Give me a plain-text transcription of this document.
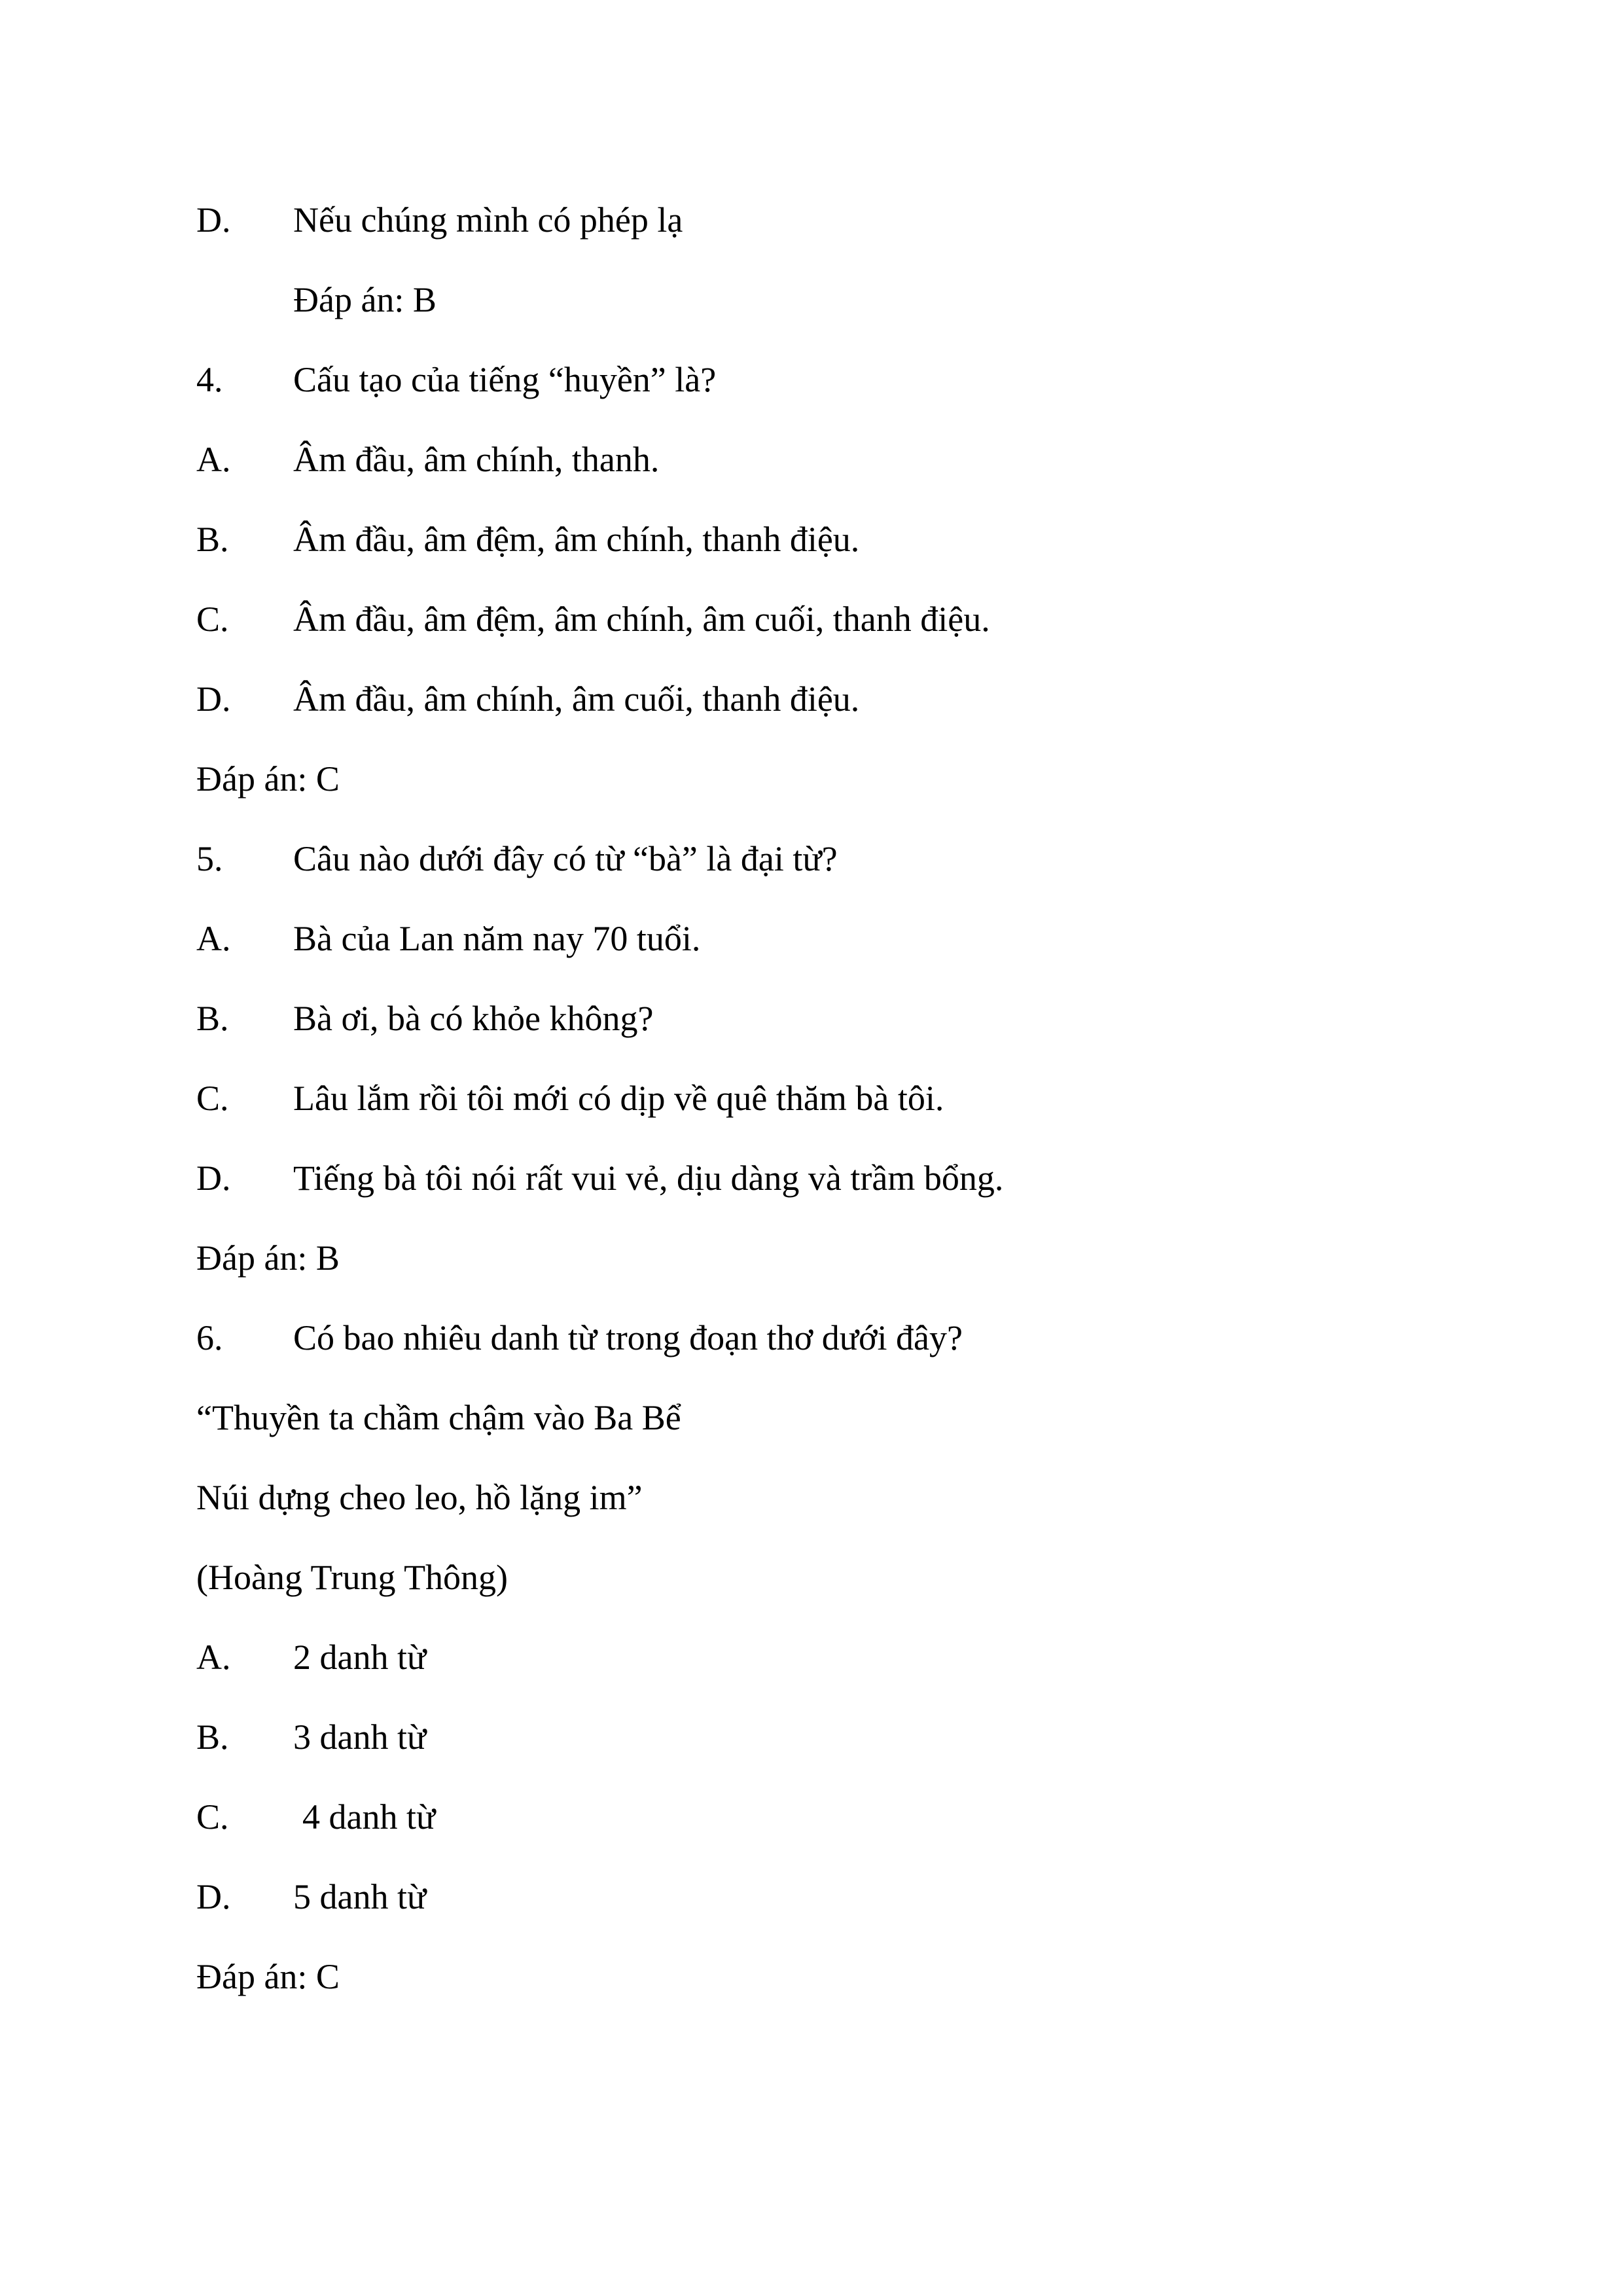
D. Nếu chúng mình có phép lạ
Đáp án: B
4. Cấu tạo của tiếng “huyền” là?
A. Âm đầu, âm chính, thanh.
B. Âm đầu, âm đệm, âm chính, thanh điệu.
C. Âm đầu, âm đệm, âm chính, âm cuối, thanh điệu.
D. Âm đầu, âm chính, âm cuối, thanh điệu.
Đáp án: C
5. Câu nào dưới đây có từ “bà” là đại từ?
A. Bà của Lan năm nay 70 tuổi.
B. Bà ơi, bà có khỏe không?
C. Lâu lắm rồi tôi mới có dịp về quê thăm bà tôi.
D. Tiếng bà tôi nói rất vui vẻ, dịu dàng và trầm bổng.
Đáp án: B
6. Có bao nhiêu danh từ trong đoạn thơ dưới đây?
“Thuyền ta chầm chậm vào Ba Bể
Núi dựng cheo leo, hồ lặng im”
(Hoàng Trung Thông)
A. 2 danh từ
B. 3 danh từ
C. 4 danh từ
D. 5 danh từ
Đáp án: C
